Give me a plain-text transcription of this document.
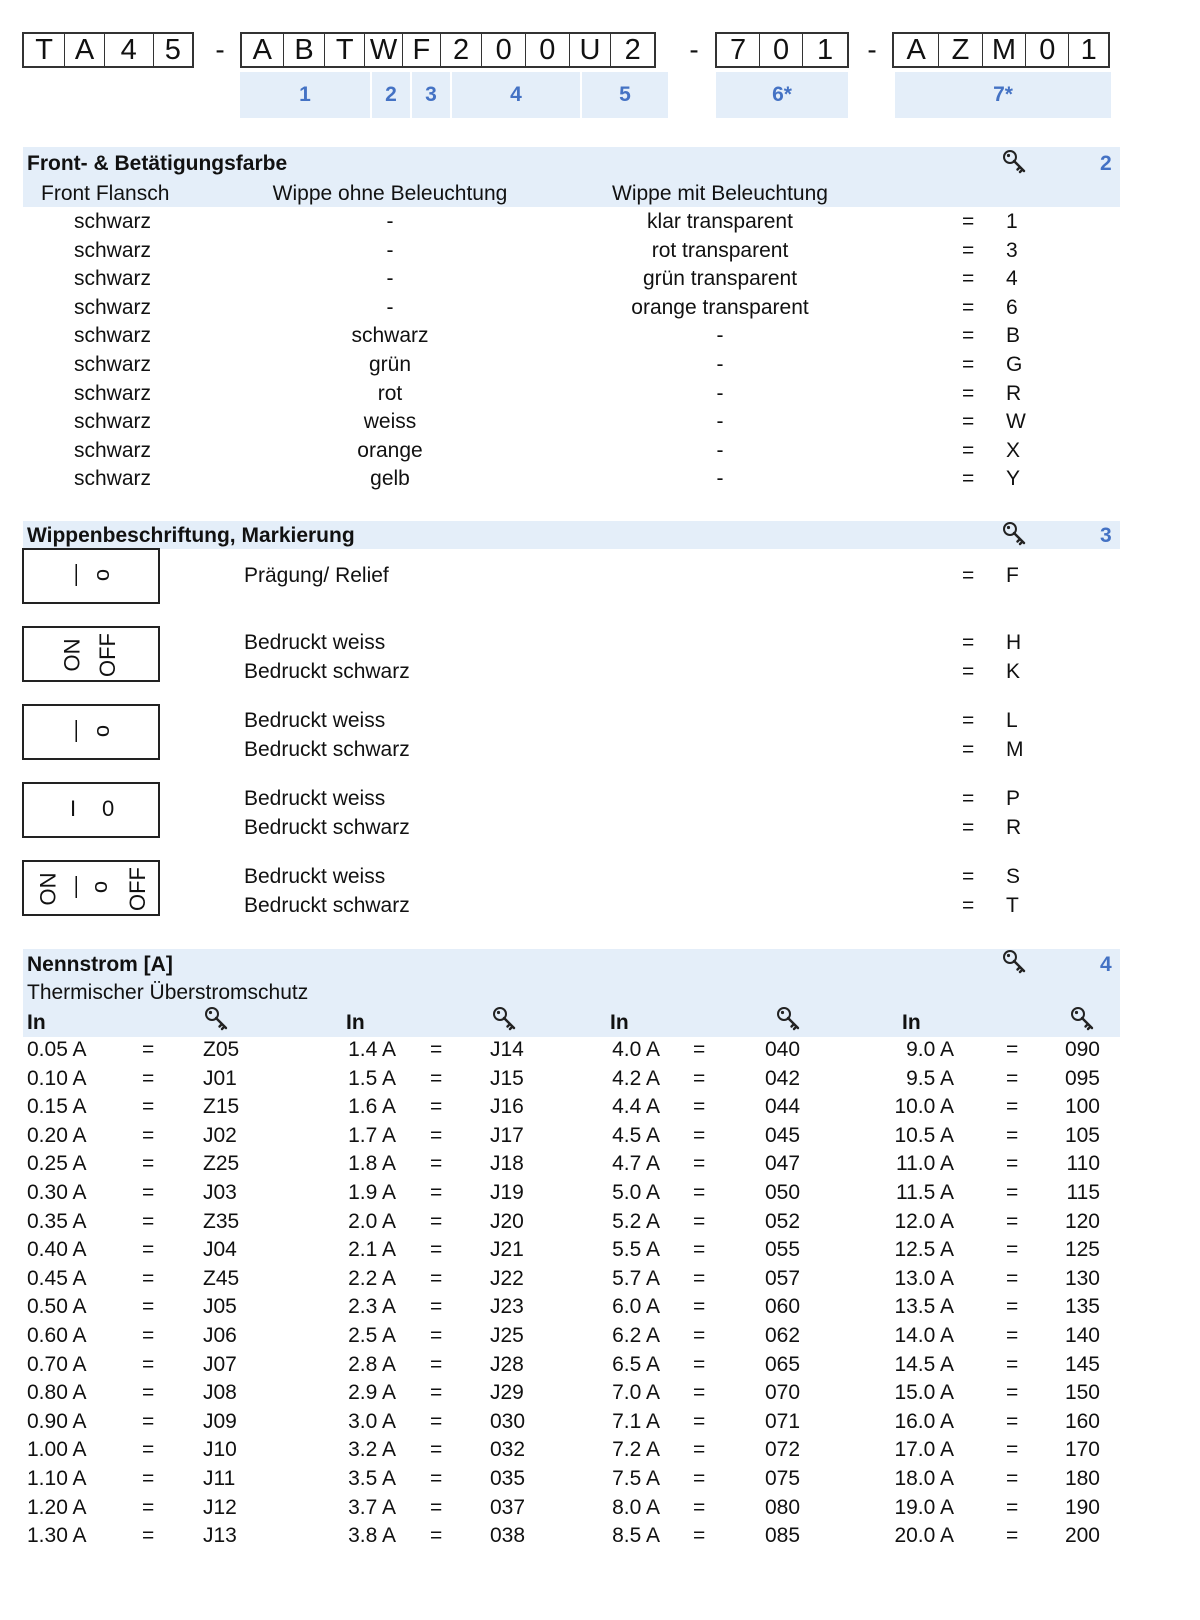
Front- & Betätigungsfarbe	2
Front Flansch	Wippe ohne Beleuchtung	Wippe mit Beleuchtung
Wippenbeschriftung, Markierung	3
Nennstrom [A]	4
Thermischer Überstromschutz
T A 4 5	A B T W F 2 0 0 U 2	7 0 1	A Z M 0 1
-	-	-
1	2	3	4	5	6*	7*
schwarz	-	klar transparent	= 1
schwarz	-	rot transparent	= 3
schwarz	-	grün transparent	= 4
schwarz	-	orange transparent	= 6
schwarz	schwarz	-	= B
schwarz	grün	-	= G
schwarz	rot	-	= R
schwarz	weiss	-	= W
schwarz	orange	-	= X
schwarz	gelb	-	= Y
— o	Prägung/ Relief	= F
ON OFF	Bedruckt weiss	= H
Bedruckt schwarz	= K
— o	Bedruckt weiss	= L
Bedruckt schwarz	= M
I 0	Bedruckt weiss	= P
Bedruckt schwarz	= R
ON — o OFF	Bedruckt weiss	= S
Bedruckt schwarz	= T
In
0.05 A	= Z05
0.10 A	= J01
0.15 A	= Z15
0.20 A	= J02
0.25 A	= Z25
0.30 A	= J03
0.35 A	= Z35
0.40 A	= J04
0.45 A	= Z45
0.50 A	= J05
0.60 A	= J06
0.70 A	= J07
0.80 A	= J08
0.90 A	= J09
1.00 A	= J10
1.10 A	= J11
1.20 A	= J12
1.30 A	= J13
In
1.4 A = J14
1.5 A = J15
1.6 A = J16
1.7 A = J17
1.8 A = J18
1.9 A = J19
2.0 A = J20
2.1 A = J21
2.2 A = J22
2.3 A = J23
2.5 A = J25
2.8 A = J28
2.9 A = J29
3.0 A = 030
3.2 A = 032
3.5 A = 035
3.7 A = 037
3.8 A = 038
In
4.0 A =	040
4.2 A =	042
4.4 A =	044
4.5 A =	045
4.7 A =	047
5.0 A =	050
5.2 A =	052
5.5 A =	055
5.7 A =	057
6.0 A =	060
6.2 A =	062
6.5 A =	065
7.0 A =	070
7.1 A =	071
7.2 A =	072
7.5 A =	075
8.0 A =	080
8.5 A =	085
In
9.0 A =	090
9.5 A =	095
10.0 A =	100
10.5 A =	105
11.0 A =	110
11.5 A =	115
12.0 A =	120
12.5 A =	125
13.0 A =	130
13.5 A =	135
14.0 A =	140
14.5 A =	145
15.0 A =	150
16.0 A =	160
17.0 A =	170
18.0 A =	180
19.0 A =	190
20.0 A =	200
